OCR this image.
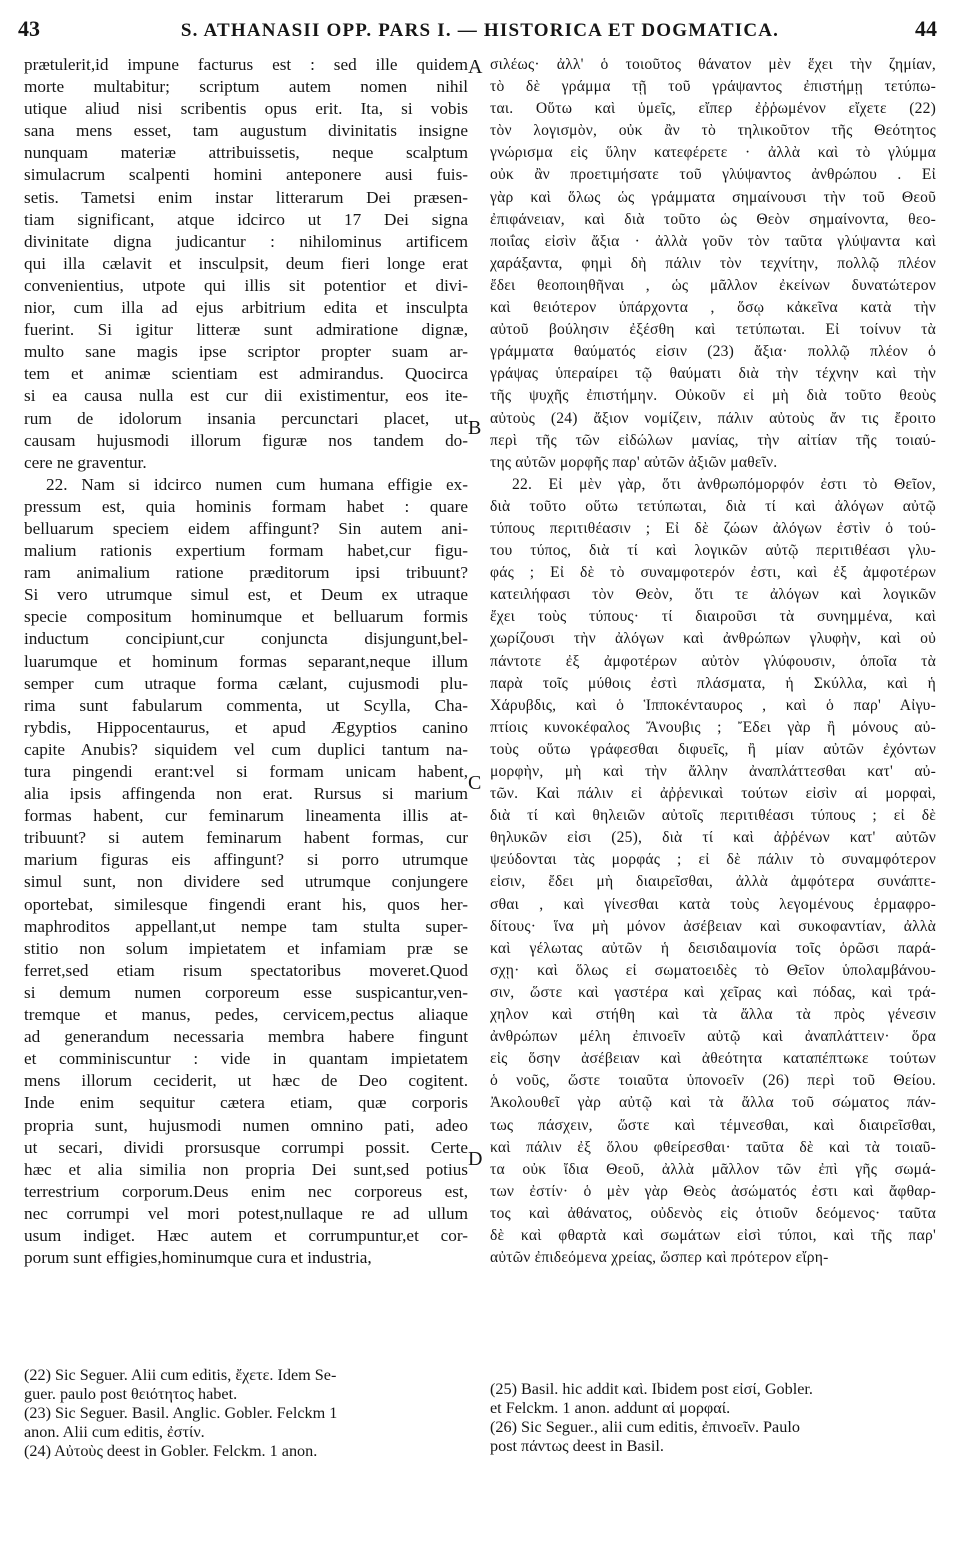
43	S. ATHANASII OPP. PARS I. — HISTORICA ET DOGMATICA.	44
prætulerit,id impune facturus est : sed ille quidem
morte multabitur; scriptum autem nomen nihil
utique aliud nisi scribentis opus erit. Ita, si vobis
sana mens esset, tam augustum divinitatis insigne
nunquam materiæ attribuissetis, neque scalptum
simulacrum scalpenti homini anteponere ausi fuis-
setis. Tametsi enim instar litterarum Dei præsen-
tiam significant, atque idcirco ut 17 Dei signa
divinitate digna judicantur : nihilominus artificem
qui illa cælavit et insculpsit, deum fieri longe erat
convenientius, utpote qui illis sit potentior et divi-
nior, cum illa ad ejus arbitrium edita et insculpta
fuerint. Si igitur litteræ sunt admiratione dignæ,
multo sane magis ipse scriptor propter suam ar-
tem et animæ scientiam est admirandus. Quocirca
si ea causa nulla est cur dii existimentur, eos ite-
rum de idolorum insania percunctari placet, ut
causam hujusmodi illorum figuræ nos tandem do-
cere ne graventur.
22. Nam si idcirco numen cum humana effigie ex-
pressum est, quia hominis formam habet : quare
belluarum speciem eidem affingunt? Sin autem ani-
malium rationis expertium formam habet,cur figu-
ram animalium ratione præditorum ipsi tribuunt?
Si vero utrumque simul est, et Deum ex utraque
specie compositum hominumque et belluarum formis
inductum concipiunt,cur conjuncta disjungunt,bel-
luarumque et hominum formas separant,neque illum
semper cum utraque forma cælant, cujusmodi plu-
rima sunt fabularum commenta, ut Scylla, Cha-
rybdis, Hippocentaurus, et apud Ægyptios canino
capite Anubis? siquidem vel cum duplici tantum na-
tura pingendi erant:vel si formam unicam habent,
alia ipsis affingenda non erat. Rursus si marium
formas habent, cur feminarum lineamenta illis at-
tribuunt? si autem feminarum habent formas, cur
marium figuras eis affingunt? si porro utrumque
simul sunt, non dividere sed utrumque conjungere
oportebat, similesque fingendi erant his, quos her-
maphroditos appellant,ut nempe tam stulta super-
stitio non solum impietatem et infamiam præ se
ferret,sed etiam risum spectatoribus moveret.Quod
si demum numen corporeum esse suspicantur,ven-
tremque et manus, pedes, cervicem,pectus aliaque
ad generandum necessaria membra habere fingunt
et comminiscuntur : vide in quantam impietatem
mens illorum ceciderit, ut hæc de Deo cogitent.
Inde enim sequitur cætera etiam, quæ corporis
propria sunt, hujusmodi numen omnino pati, adeo
ut secari, dividi prorsusque corrumpi possit. Certe
hæc et alia similia non propria Dei sunt,sed potius
terrestrium corporum.Deus enim nec corporeus est,
nec corrumpi vel mori potest,nullaque re ad ullum
usum indiget. Hæc autem et corrumpuntur,et cor-
porum sunt effigies,hominumque cura et industria,
σιλέως· ἀλλ' ὁ τοιοῦτος θάνατον μὲν ἕχει τὴν ζημίαν,
τὸ δὲ γράμμα τῇ τοῦ γράψαντος ἐπιστήμῃ τετύπω-
ται. Οὕτω καὶ ὑμεῖς, εἴπερ ἐῤῥωμένον εἴχετε (22)
τὸν λογισμὸν, οὐκ ἂν τὸ τηλικοῦτον τῆς Θεότητος
γνώρισμα εἰς ὕλην κατεφέρετε · ἀλλὰ καὶ τὸ γλύμμα
οὐκ ἂν προετιμήσατε τοῦ γλύψαντος ἀνθρώπου . Εἰ
γὰρ καὶ ὅλως ὡς γράμματα σημαίνουσι τὴν τοῦ Θεοῦ
ἐπιφάνειαν, καὶ διὰ τοῦτο ὡς Θεὸν σημαίνοντα, θεο-
ποιΐας εἰσὶν ἄξια · ἀλλὰ γοῦν τὸν ταῦτα γλύψαντα καὶ
χαράξαντα, φημὶ δὴ πάλιν τὸν τεχνίτην, πολλῷ πλέον
ἔδει θεοποιηθῆναι , ὡς μᾶλλον ἐκείνων δυνατώτερον
καὶ θειότερον ὑπάρχοντα , ὅσῳ κἀκεῖνα κατὰ τὴν
αὐτοῦ βούλησιν ἐξέσθη καὶ τετύπωται. Εἰ τοίνυν τὰ
γράμματα θαύματός εἰσιν (23) ἄξια· πολλῷ πλέον ὁ
γράψας ὑπεραίρει τῷ θαύματι διὰ τὴν τέχνην καὶ τὴν
τῆς ψυχῆς ἐπιστήμην. Οὐκοῦν εἰ μὴ διὰ τοῦτο θεοὺς
αὐτοὺς (24) ἄξιον νομίζειν, πάλιν αὐτοὺς ἄν τις ἔροιτο
περὶ τῆς τῶν εἰδώλων μανίας, τὴν αἰτίαν τῆς τοιαύ-
της αὐτῶν μορφῆς παρ' αὐτῶν ἀξιῶν μαθεῖν.
22. Εἰ μὲν γὰρ, ὅτι ἀνθρωπόμορφόν ἐστι τὸ Θεῖον,
διὰ τοῦτο οὕτω τετύπωται, διὰ τί καὶ ἀλόγων αὐτῷ
τύπους περιτιθέασιν ; Εἰ δὲ ζώων ἀλόγων ἐστὶν ὁ τού-
του τύπος, διὰ τί καὶ λογικῶν αὐτῷ περιτιθέασι γλυ-
φάς ; Εἰ δὲ τὸ συναμφοτερόν ἐστι, καὶ ἐξ ἀμφοτέρων
κατειλήφασι τὸν Θεὸν, ὅτι τε ἀλόγων καὶ λογικῶν
ἔχει τοὺς τύπους· τί διαιροῦσι τὰ συνημμένα, καὶ
χωρίζουσι τὴν ἀλόγων καὶ ἀνθρώπων γλυφὴν, καὶ οὐ
πάντοτε ἐξ ἀμφοτέρων αὐτὸν γλύφουσιν, ὁποῖα τὰ
παρὰ τοῖς μύθοις ἐστὶ πλάσματα, ἡ Σκύλλα, καὶ ἡ
Χάρυβδις, καὶ ὁ Ἱπποκένταυρος , καὶ ὁ παρ' Αἰγυ-
πτίοις κυνοκέφαλος Ἄνουβις ; Ἔδει γὰρ ἢ μόνους αὐ-
τοὺς οὕτω γράφεσθαι διφυεῖς, ἢ μίαν αὐτῶν ἐχόντων
μορφὴν, μὴ καὶ τὴν ἄλλην ἀναπλάττεσθαι κατ' αὐ-
τῶν. Καὶ πάλιν εἰ ἀῤῥενικαὶ τούτων εἰσὶν αἱ μορφαὶ,
διὰ τί καὶ θηλειῶν αὐτοῖς περιτιθέασι τύπους ; εἰ δὲ
θηλυκῶν εἰσι (25), διὰ τί καὶ ἀῤῥένων κατ' αὐτῶν
ψεύδονται τὰς μορφάς ; εἰ δὲ πάλιν τὸ συναμφότερον
εἰσιν, ἔδει μὴ διαιρεῖσθαι, ἀλλὰ ἀμφότερα συνάπτε-
σθαι , καὶ γίνεσθαι κατὰ τοὺς λεγομένους ἑρμαφρο-
δίτους· ἵνα μὴ μόνον ἀσέβειαν καὶ συκοφαντίαν, ἀλλὰ
καὶ γέλωτας αὐτῶν ἡ δεισιδαιμονία τοῖς ὁρῶσι παρά-
σχῃ· καὶ ὅλως εἰ σωματοειδὲς τὸ Θεῖον ὑπολαμβάνου-
σιν, ὥστε καὶ γαστέρα καὶ χεῖρας καὶ πόδας, καὶ τρά-
χηλον καὶ στήθη καὶ τὰ ἄλλα τὰ πρὸς γένεσιν
ἀνθρώπων μέλη ἐπινοεῖν αὐτῷ καὶ ἀναπλάττειν· ὅρα
εἰς ὅσην ἀσέβειαν καὶ ἀθεότητα καταπέπτωκε τούτων
ὁ νοῦς, ὥστε τοιαῦτα ὑπονοεῖν (26) περὶ τοῦ Θείου.
Ἀκολουθεῖ γὰρ αὐτῷ καὶ τὰ ἄλλα τοῦ σώματος πάν-
τως πάσχειν, ὥστε καὶ τέμνεσθαι, καὶ διαιρεῖσθαι,
καὶ πάλιν ἐξ ὅλου φθείρεσθαι· ταῦτα δὲ καὶ τὰ τοιαῦ-
τα οὐκ ἴδια Θεοῦ, ἀλλὰ μᾶλλον τῶν ἐπὶ γῆς σωμά-
των ἐστίν· ὁ μὲν γὰρ Θεὸς ἀσώματός ἐστι καὶ ἄφθαρ-
τος καὶ ἀθάνατος, οὐδενὸς εἰς ὁτιοῦν δεόμενος· ταῦτα
δὲ καὶ φθαρτὰ καὶ σωμάτων εἰσὶ τύποι, καὶ τῆς παρ'
αὐτῶν ἐπιδεόμενα χρείας, ὥσπερ καὶ πρότερον εἴρη-
A
B
C
D
(22) Sic Seguer. Alii cum editis, ἔχετε. Idem Se-
guer. paulo post θειότητος habet.
(23) Sic Seguer. Basil. Anglic. Gobler. Felckm 1
anon. Alii cum editis, ἐστίν.
(24) Αὐτοὺς deest in Gobler. Felckm. 1 anon.
(25) Basil. hic addit καὶ. Ibidem post εἰσί, Gobler.
et Felckm. 1 anon. addunt αἱ μορφαί.
(26) Sic Seguer., alii cum editis, ἐπινοεῖν. Paulo
post πάντως deest in Basil.
